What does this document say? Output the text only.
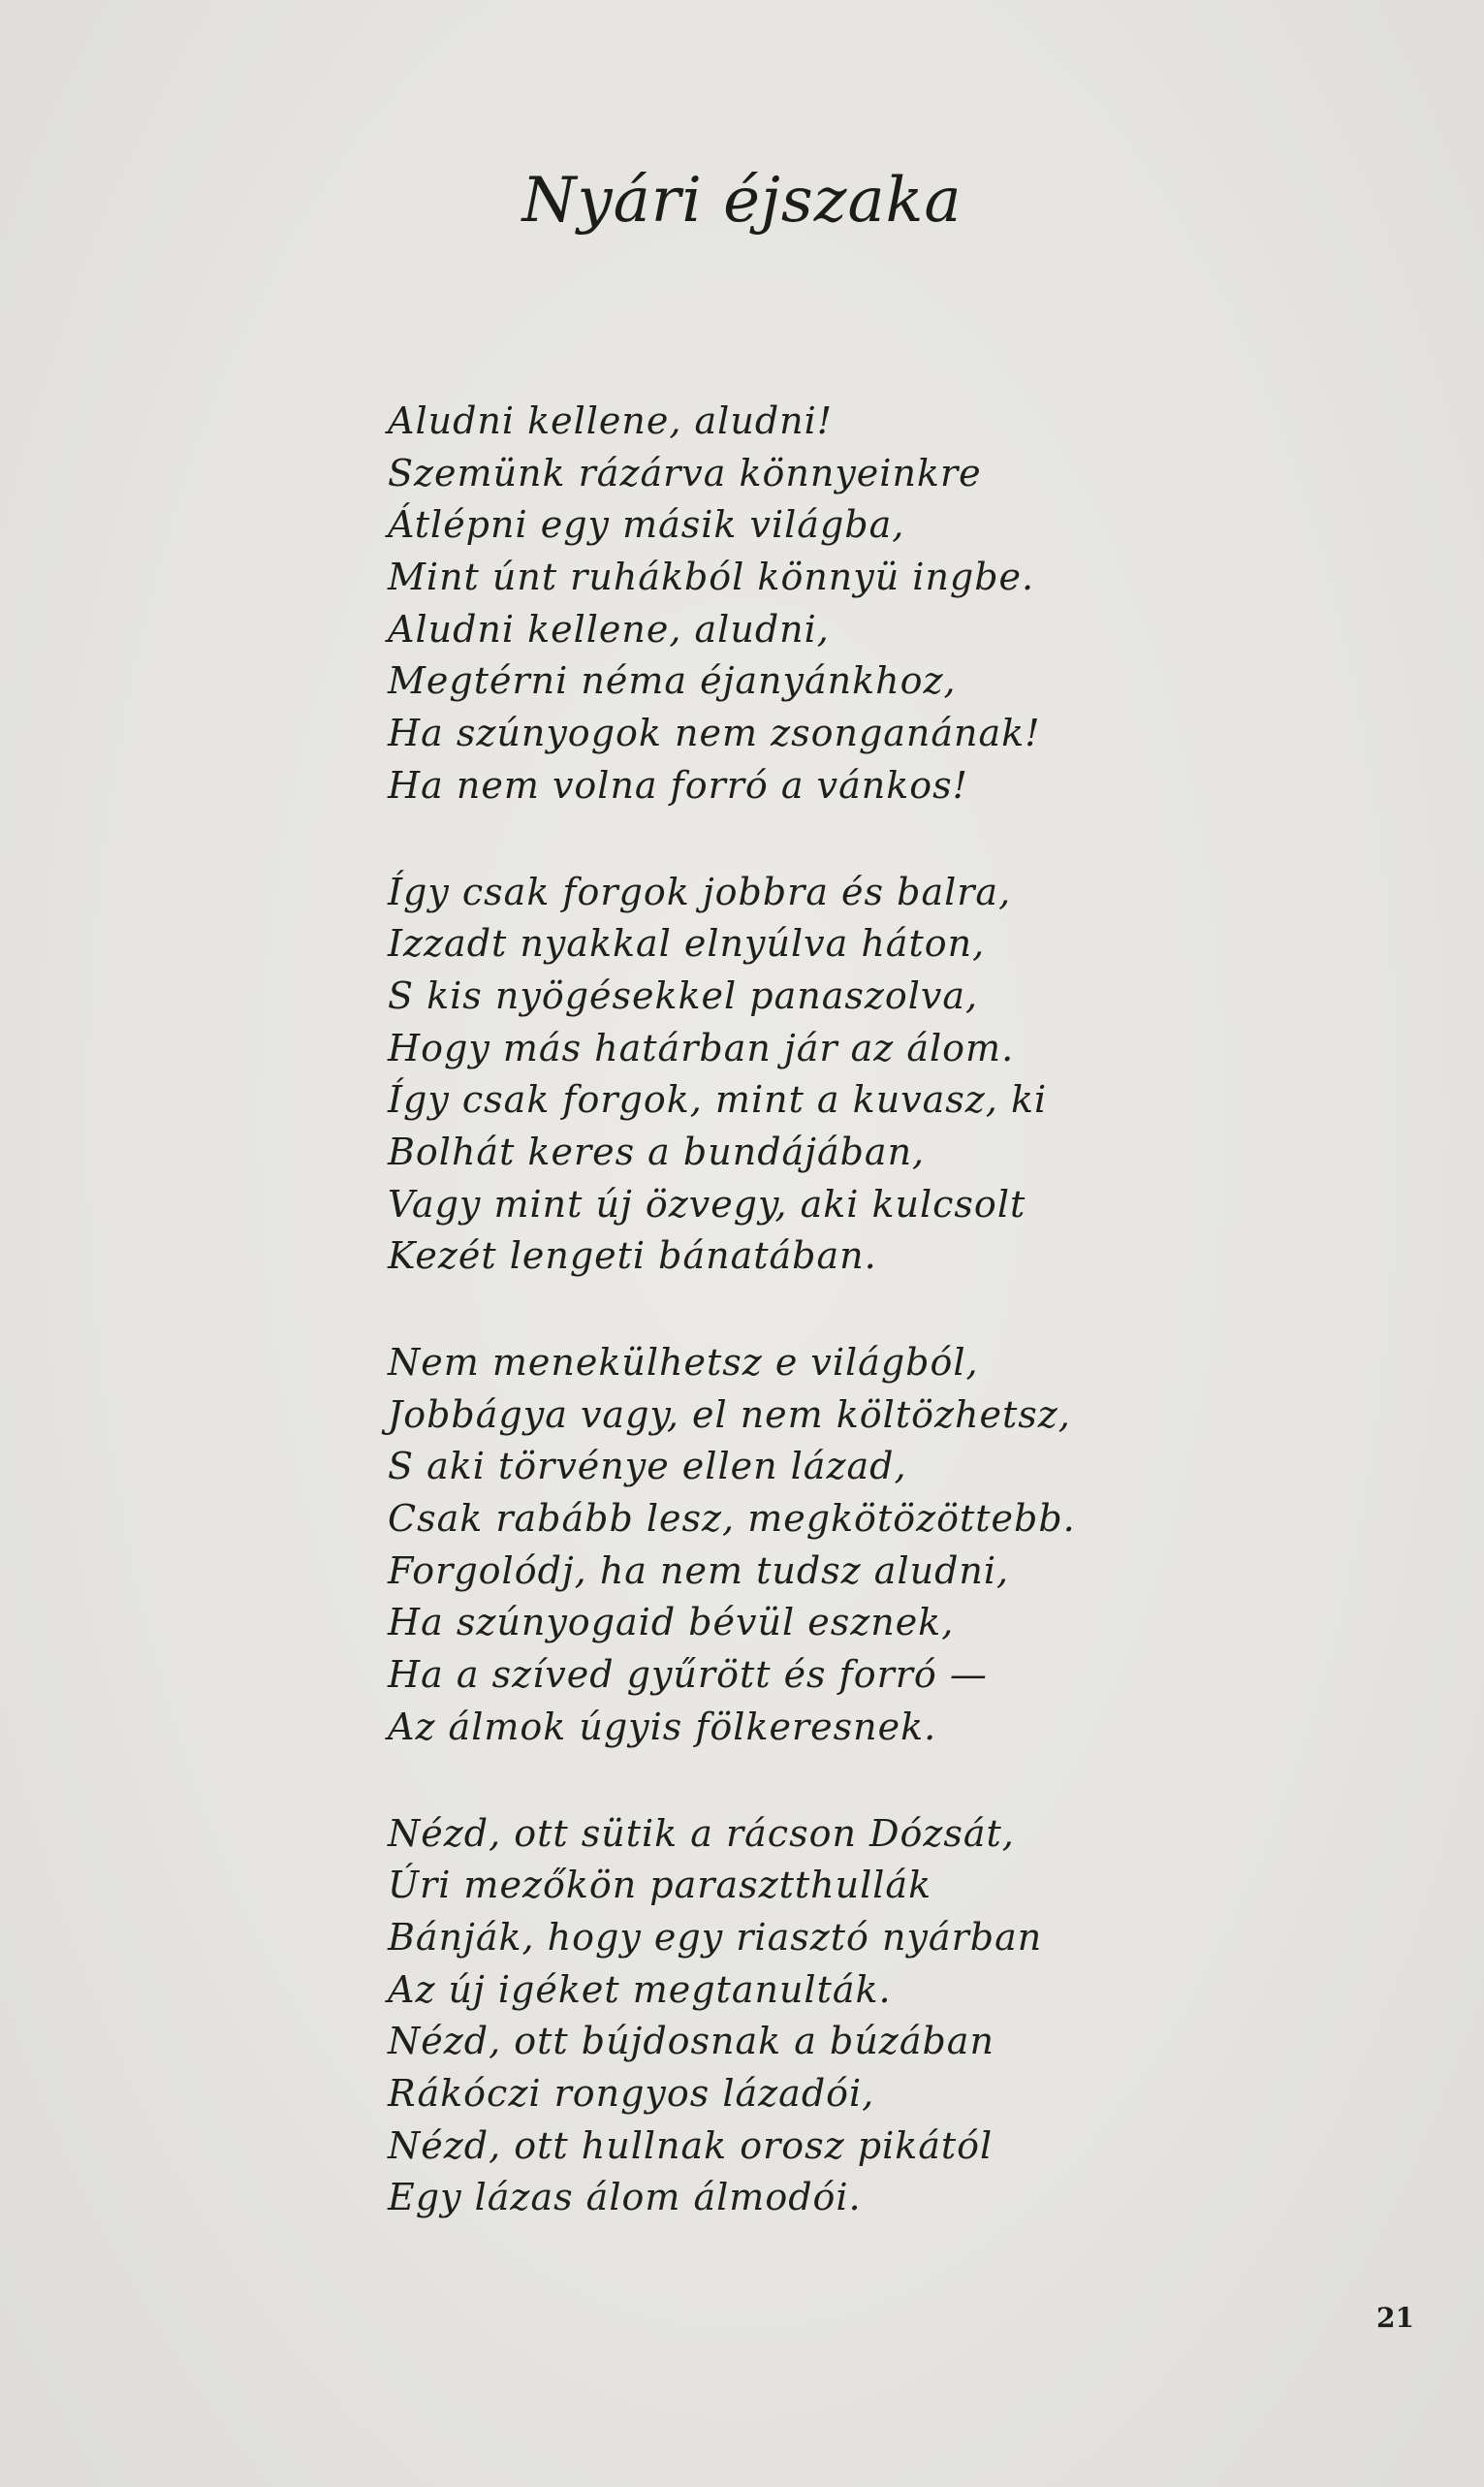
Nyári éjszaka
Aludni kellene, aludni!
Szemünk rázárva könnyeinkre
Átlépni egy másik világba,
Mint únt ruhákból könnyü ingbe.
Aludni kellene, aludni,
Megtérni néma éjanyánkhoz,
Ha szúnyogok nem zsonganának!
Ha nem volna forró a vánkos!
Így csak forgok jobbra és balra,
Izzadt nyakkal elnyúlva háton,
S kis nyögésekkel panaszolva,
Hogy más határban jár az álom.
Így csak forgok, mint a kuvasz, ki
Bolhát keres a bundájában,
Vagy mint új özvegy, aki kulcsolt
Kezét lengeti bánatában.
Nem menekülhetsz e világból,
Jobbágya vagy, el nem költözhetsz,
S aki törvénye ellen lázad,
Csak rabább lesz, megkötözöttebb.
Forgolódj, ha nem tudsz aludni,
Ha szúnyogaid bévül esznek,
Ha a szíved gyűrött és forró —
Az álmok úgyis fölkeresnek.
Nézd, ott sütik a rácson Dózsát,
Úri mezőkön parasztthullák
Bánják, hogy egy riasztó nyárban
Az új igéket megtanulták.
Nézd, ott bújdosnak a búzában
Rákóczi rongyos lázadói,
Nézd, ott hullnak orosz pikától
Egy lázas álom álmodói.
21
